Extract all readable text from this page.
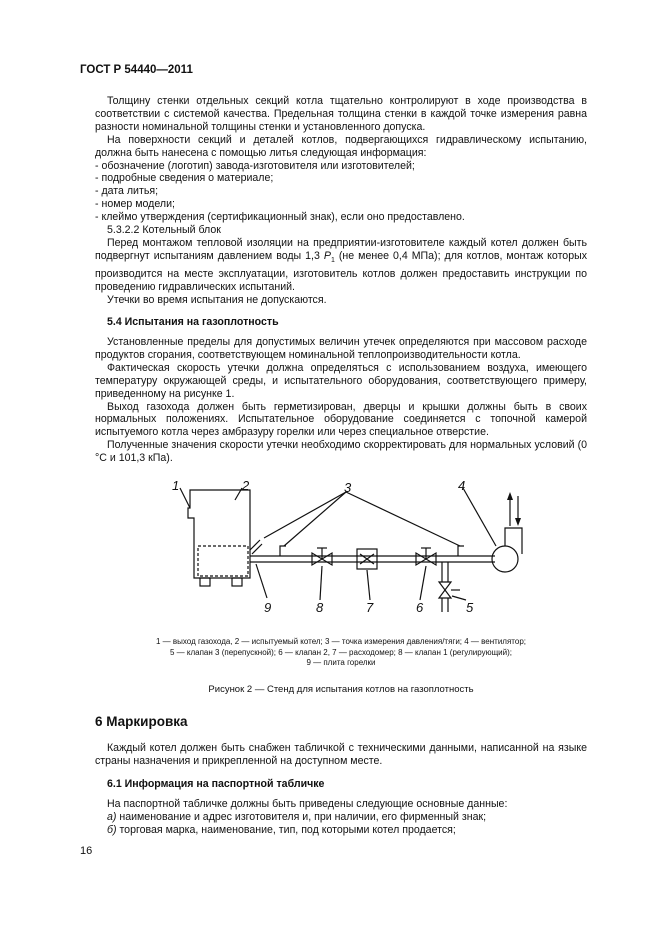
ГОСТ Р 54440—2011

Толщину стенки отдельных секций котла тщательно контролируют в ходе производства в соответствии с системой качества. Предельная толщина стенки в каждой точке измерения равна разности номинальной толщины стенки и установленного допуска.

На поверхности секций и деталей котлов, подвергающихся гидравлическому испытанию, должна быть нанесена с помощью литья следующая информация:

- обозначение (логотип) завода-изготовителя или изготовителей;

- подробные сведения о материале;

- дата литья;

- номер модели;

- клеймо утверждения (сертификационный знак), если оно предоставлено.

5.3.2.2 Котельный блок

Перед монтажом тепловой изоляции на предприятии-изготовителе каждый котел должен быть подвергнут испытаниям давлением воды 1,3 $P_1$ (не менее 0,4 МПа); для котлов, монтаж которых производится на месте эксплуатации, изготовитель котлов должен предоставить инструкции по проведению гидравлических испытаний.

Утечки во время испытания не допускаются.

5.4 Испытания на газоплотность

Установленные пределы для допустимых величин утечек определяются при массовом расходе продуктов сгорания, соответствующем номинальной теплопроизводительности котла.

Фактическая скорость утечки должна определяться с использованием воздуха, имеющего температуру окружающей среды, и испытательного оборудования, соответствующего примеру, приведенному на рисунке 1.

Выход газохода должен быть герметизирован, дверцы и крышки должны быть в своих нормальных положениях. Испытательное оборудование соединяется с топочной камерой испытуемого котла через амбразуру горелки или через специальное отверстие.

Полученные значения скорости утечки необходимо скорректировать для нормальных условий (0 °С и 101,3 кПа).

1	2	3	4
5
6
7
8
9
1 — выход газохода, 2 — испытуемый котел; 3 — точка измерения давления/тяги; 4 — вентилятор;
5 — клапан 3 (перепускной); 6 — клапан 2, 7 — расходомер; 8 — клапан 1 (регулирующий);
9 — плита горелки
Рисунок 2 — Стенд для испытания котлов на газоплотность
6 Маркировка

Каждый котел должен быть снабжен табличкой с техническими данными, написанной на языке страны назначения и прикрепленной на доступном месте.

6.1 Информация на паспортной табличке

На паспортной табличке должны быть приведены следующие основные данные:

а) наименование и адрес изготовителя и, при наличии, его фирменный знак;

б) торговая марка, наименование, тип, под которыми котел продается;

16
